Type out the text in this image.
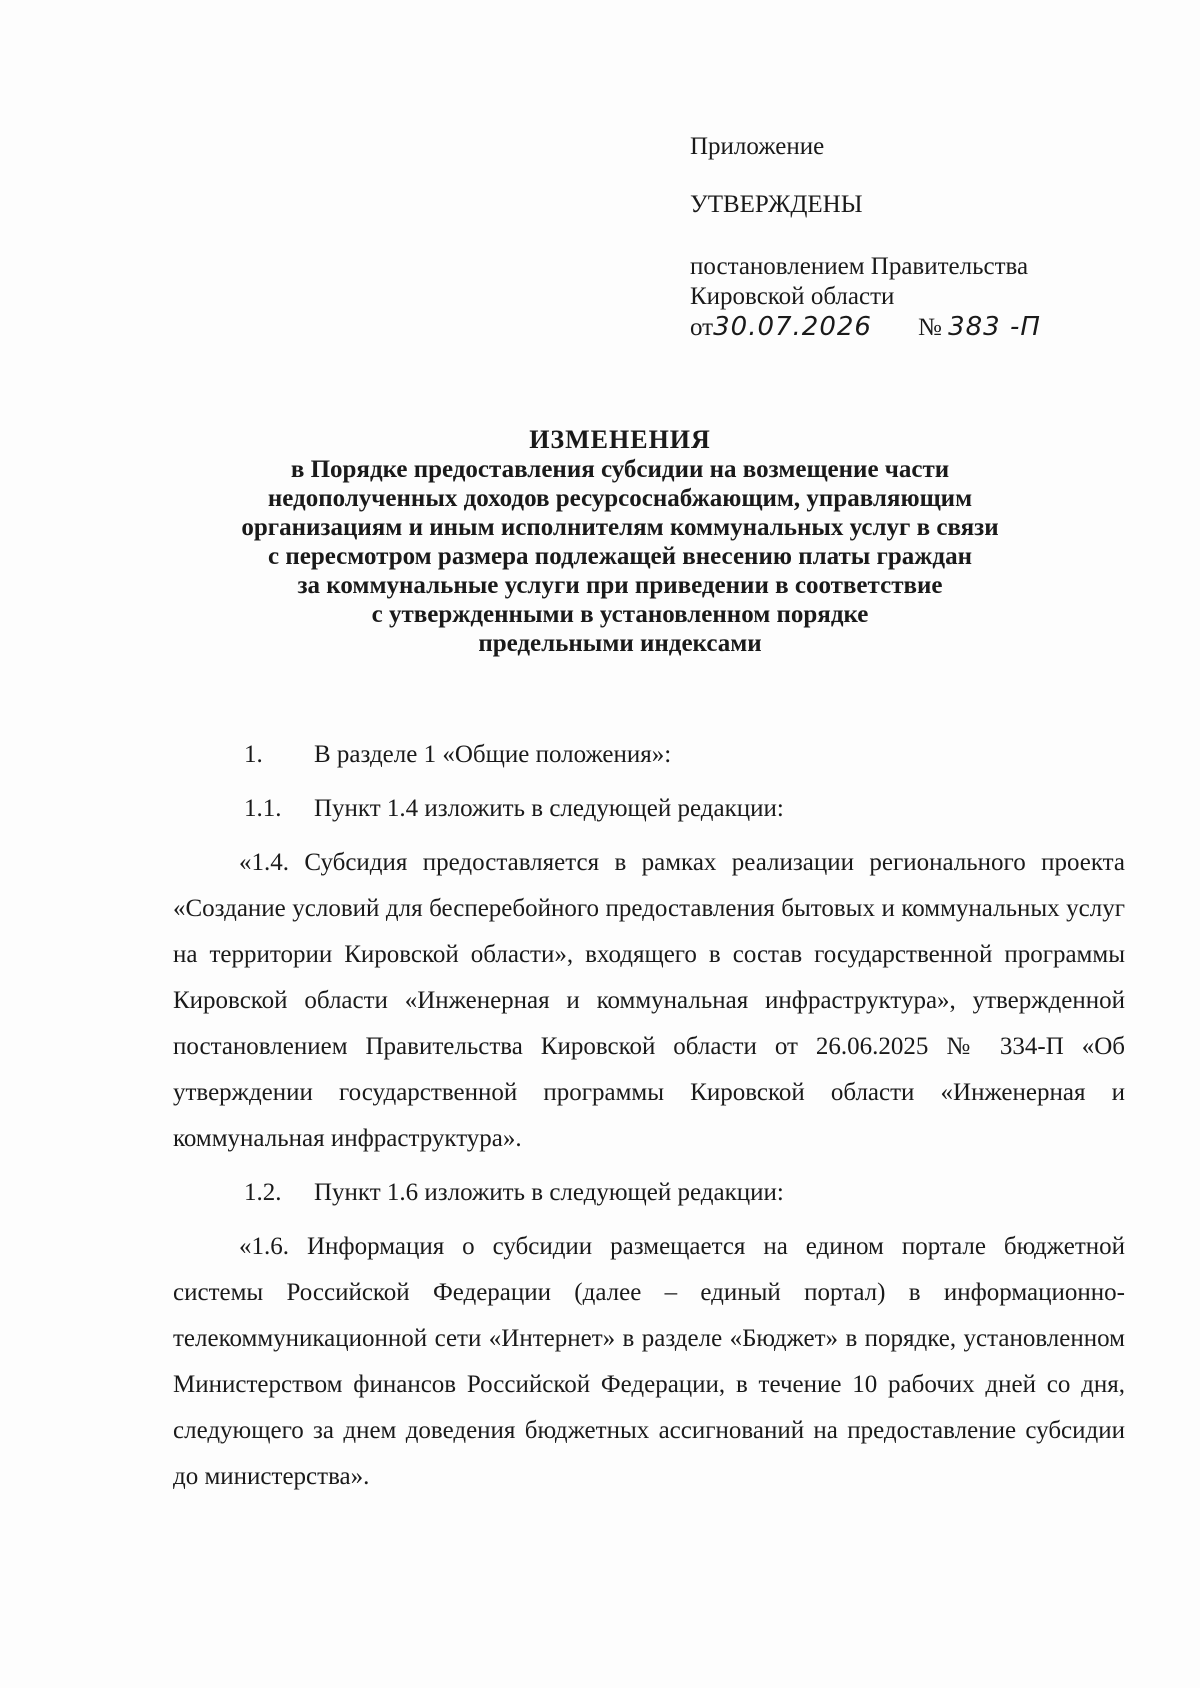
Приложение
УТВЕРЖДЕНЫ
постановлением Правительства
Кировской области
от30.07.2026 № 383 -П
ИЗМЕНЕНИЯ
в Порядке предоставления субсидии на возмещение части
недополученных доходов ресурсоснабжающим, управляющим
организациям и иным исполнителям коммунальных услуг в связи
с пересмотром размера подлежащей внесению платы граждан
за коммунальные услуги при приведении в соответствие
с утвержденными в установленном порядке
предельными индексами
1. В разделе 1 «Общие положения»:
1.1. Пункт 1.4 изложить в следующей редакции:

«1.4. Субсидия предоставляется в рамках реализации регионального проекта «Создание условий для бесперебойного предоставления бытовых и коммунальных услуг на территории Кировской области», входящего в состав государственной программы Кировской области «Инженерная и коммунальная инфраструктура», утвержденной постановлением Правительства Кировской области от 26.06.2025 № 334-П «Об утверждении государственной программы Кировской области «Инженерная и коммунальная инфраструктура».

1.2. Пункт 1.6 изложить в следующей редакции:

«1.6. Информация о субсидии размещается на едином портале бюджетной системы Российской Федерации (далее – единый портал) в информационно-телекоммуникационной сети «Интернет» в разделе «Бюджет» в порядке, установленном Министерством финансов Российской Федерации, в течение 10 рабочих дней со дня, следующего за днем доведения бюджетных ассигнований на предоставление субсидии до министерства».
